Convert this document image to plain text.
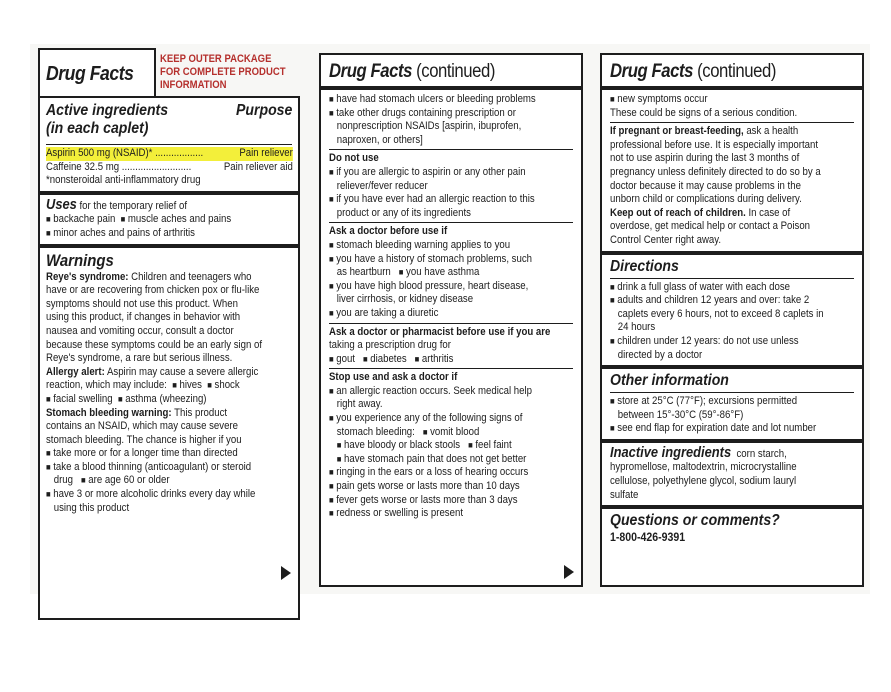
KEEP OUTER PACKAGE
FOR COMPLETE PRODUCT
INFORMATION
Drug Facts
Active ingredients
(in each caplet)
Purpose
Aspirin 500 mg (NSAID)* ..................	Pain reliever
Caffeine 32.5 mg ..........................	Pain reliever aid
*nonsteroidal anti-inflammatory drug
Uses for the temporary relief of
■ backache pain ■ muscle aches and pains
■ minor aches and pains of arthritis
Warnings
Reye's syndrome: Children and teenagers who
have or are recovering from chicken pox or flu-like
symptoms should not use this product. When
using this product, if changes in behavior with
nausea and vomiting occur, consult a doctor
because these symptoms could be an early sign of
Reye's syndrome, a rare but serious illness.
Allergy alert: Aspirin may cause a severe allergic
reaction, which may include: ■ hives ■ shock
■ facial swelling ■ asthma (wheezing)
Stomach bleeding warning: This product
contains an NSAID, which may cause severe
stomach bleeding. The chance is higher if you
■ take more or for a longer time than directed
■ take a blood thinning (anticoagulant) or steroid
drug ■ are age 60 or older
■ have 3 or more alcoholic drinks every day while
using this product
Drug Facts (continued)
■ have had stomach ulcers or bleeding problems
■ take other drugs containing prescription or
nonprescription NSAIDs [aspirin, ibuprofen,
naproxen, or others]
Do not use
■ if you are allergic to aspirin or any other pain
reliever/fever reducer
■ if you have ever had an allergic reaction to this
product or any of its ingredients
Ask a doctor before use if
■ stomach bleeding warning applies to you
■ you have a history of stomach problems, such
as heartburn ■ you have asthma
■ you have high blood pressure, heart disease,
liver cirrhosis, or kidney disease
■ you are taking a diuretic
Ask a doctor or pharmacist before use if you are
taking a prescription drug for
■ gout ■ diabetes ■ arthritis
Stop use and ask a doctor if
■ an allergic reaction occurs. Seek medical help
right away.
■ you experience any of the following signs of
stomach bleeding: ■ vomit blood
■ have bloody or black stools ■ feel faint
■ have stomach pain that does not get better
■ ringing in the ears or a loss of hearing occurs
■ pain gets worse or lasts more than 10 days
■ fever gets worse or lasts more than 3 days
■ redness or swelling is present
Drug Facts (continued)
■ new symptoms occur
These could be signs of a serious condition.
If pregnant or breast-feeding, ask a health
professional before use. It is especially important
not to use aspirin during the last 3 months of
pregnancy unless definitely directed to do so by a
doctor because it may cause problems in the
unborn child or complications during delivery.
Keep out of reach of children. In case of
overdose, get medical help or contact a Poison
Control Center right away.
Directions
■ drink a full glass of water with each dose
■ adults and children 12 years and over: take 2
caplets every 6 hours, not to exceed 8 caplets in
24 hours
■ children under 12 years: do not use unless
directed by a doctor
Other information
■ store at 25°C (77°F); excursions permitted
between 15°-30°C (59°-86°F)
■ see end flap for expiration date and lot number
Inactive ingredients corn starch,
hypromellose, maltodextrin, microcrystalline
cellulose, polyethylene glycol, sodium lauryl
sulfate
Questions or comments?
1-800-426-9391
